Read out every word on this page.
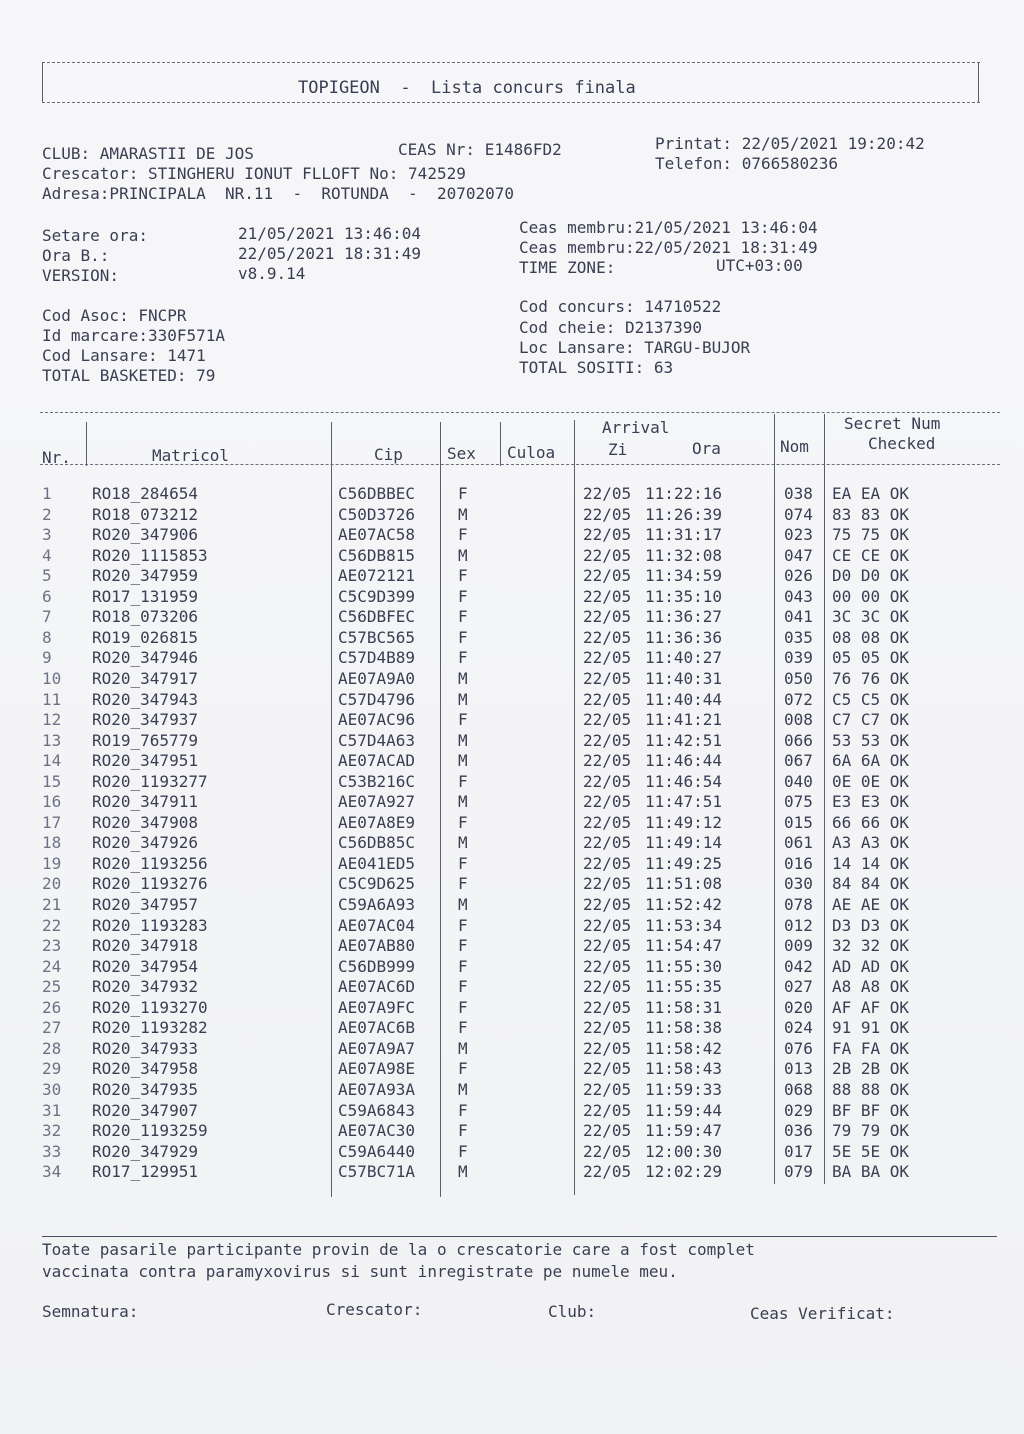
TOPIGEON  -  Lista concurs finala
CLUB: AMARASTII DE JOS	CEAS Nr: E1486FD2
Crescator: STINGHERU IONUT FLLOFT No: 742529
Adresa:PRINCIPALA  NR.11  -  ROTUNDA  -  20702070
Printat: 22/05/2021 19:20:42
Telefon: 0766580236
Setare ora:	21/05/2021 13:46:04
Ora B.:	22/05/2021 18:31:49
VERSION:	v8.9.14
Ceas membru:21/05/2021 13:46:04
Ceas membru:22/05/2021 18:31:49
TIME ZONE:	UTC+03:00
Cod Asoc: FNCPR
Id marcare:330F571A
Cod Lansare: 1471
TOTAL BASKETED: 79
Cod concurs: 14710522
Cod cheie: D2137390
Loc Lansare: TARGU-BUJOR
TOTAL SOSITI: 63
Nr.	Matricol	Cip	Sex Culoa
Arrival
Zi	Ora	Nom
Secret Num
Checked
1	RO18_284654	C56DBBEC	F	22/05 11:22:16	038 EA EA OK
2	RO18_073212	C50D3726	M	22/05 11:26:39	074 83 83 OK
3	RO20_347906	AE07AC58	F	22/05 11:31:17	023 75 75 OK
4	RO20_1115853	C56DB815	M	22/05 11:32:08	047 CE CE OK
5	RO20_347959	AE072121	F	22/05 11:34:59	026 D0 D0 OK
6	RO17_131959	C5C9D399	F	22/05 11:35:10	043 00 00 OK
7	RO18_073206	C56DBFEC	F	22/05 11:36:27	041 3C 3C OK
8	RO19_026815	C57BC565	F	22/05 11:36:36	035 08 08 OK
9	RO20_347946	C57D4B89	F	22/05 11:40:27	039 05 05 OK
10 RO20_347917	AE07A9A0	M	22/05 11:40:31	050 76 76 OK
11 RO20_347943	C57D4796	M	22/05 11:40:44	072 C5 C5 OK
12 RO20_347937	AE07AC96	F	22/05 11:41:21	008 C7 C7 OK
13 RO19_765779	C57D4A63	M	22/05 11:42:51	066 53 53 OK
14 RO20_347951	AE07ACAD	M	22/05 11:46:44	067 6A 6A OK
15 RO20_1193277	C53B216C	F	22/05 11:46:54	040 0E 0E OK
16 RO20_347911	AE07A927	M	22/05 11:47:51	075 E3 E3 OK
17 RO20_347908	AE07A8E9	F	22/05 11:49:12	015 66 66 OK
18 RO20_347926	C56DB85C	M	22/05 11:49:14	061 A3 A3 OK
19 RO20_1193256	AE041ED5	F	22/05 11:49:25	016 14 14 OK
20 RO20_1193276	C5C9D625	F	22/05 11:51:08	030 84 84 OK
21 RO20_347957	C59A6A93	M	22/05 11:52:42	078 AE AE OK
22 RO20_1193283	AE07AC04	F	22/05 11:53:34	012 D3 D3 OK
23 RO20_347918	AE07AB80	F	22/05 11:54:47	009 32 32 OK
24 RO20_347954	C56DB999	F	22/05 11:55:30	042 AD AD OK
25 RO20_347932	AE07AC6D	F	22/05 11:55:35	027 A8 A8 OK
26 RO20_1193270	AE07A9FC	F	22/05 11:58:31	020 AF AF OK
27 RO20_1193282	AE07AC6B	F	22/05 11:58:38	024 91 91 OK
28 RO20_347933	AE07A9A7	M	22/05 11:58:42	076 FA FA OK
29 RO20_347958	AE07A98E	F	22/05 11:58:43	013 2B 2B OK
30 RO20_347935	AE07A93A	M	22/05 11:59:33	068 88 88 OK
31 RO20_347907	C59A6843	F	22/05 11:59:44	029 BF BF OK
32 RO20_1193259	AE07AC30	F	22/05 11:59:47	036 79 79 OK
33 RO20_347929	C59A6440	F	22/05 12:00:30	017 5E 5E OK
34 RO17_129951	C57BC71A	M	22/05 12:02:29	079 BA BA OK
Toate pasarile participante provin de la o crescatorie care a fost complet
vaccinata contra paramyxovirus si sunt inregistrate pe numele meu.
Semnatura:	Crescator:	Club:	Ceas Verificat:
